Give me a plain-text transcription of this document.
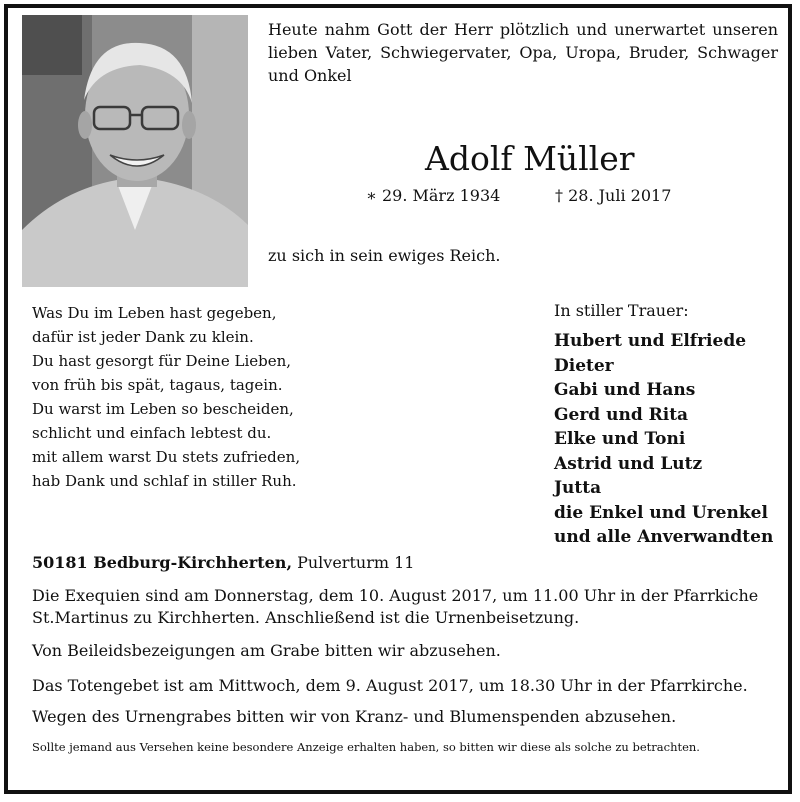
Heute nahm Gott der Herr plötzlich und unerwartet unseren lieben Vater, Schwiegervater, Opa, Uropa, Bruder, Schwager und Onkel
Adolf Müller
∗ 29. März 1934	† 28. Juli 2017
zu sich in sein ewiges Reich.
Was Du im Leben hast gegeben,
dafür ist jeder Dank zu klein.
Du hast gesorgt für Deine Lieben,
von früh bis spät, tagaus, tagein.
Du warst im Leben so bescheiden,
schlicht und einfach lebtest du.
mit allem warst Du stets zufrieden,
hab Dank und schlaf in stiller Ruh.
In stiller Trauer:
Hubert und Elfriede
Dieter
Gabi und Hans
Gerd und Rita
Elke und Toni
Astrid und Lutz
Jutta
die Enkel und Urenkel
und alle Anverwandten
50181 Bedburg-Kirchherten, Pulverturm 11
Die Exequien sind am Donnerstag, dem 10. August 2017, um 11.00 Uhr in der Pfarrkiche St.Martinus zu Kirchherten. Anschließend ist die Urnenbeisetzung.
Von Beileidsbezeigungen am Grabe bitten wir abzusehen.
Das Totengebet ist am Mittwoch, dem 9. August 2017, um 18.30 Uhr in der Pfarrkirche.
Wegen des Urnengrabes bitten wir von Kranz- und Blumenspenden abzusehen.
Sollte jemand aus Versehen keine besondere Anzeige erhalten haben, so bitten wir diese als solche zu betrachten.
